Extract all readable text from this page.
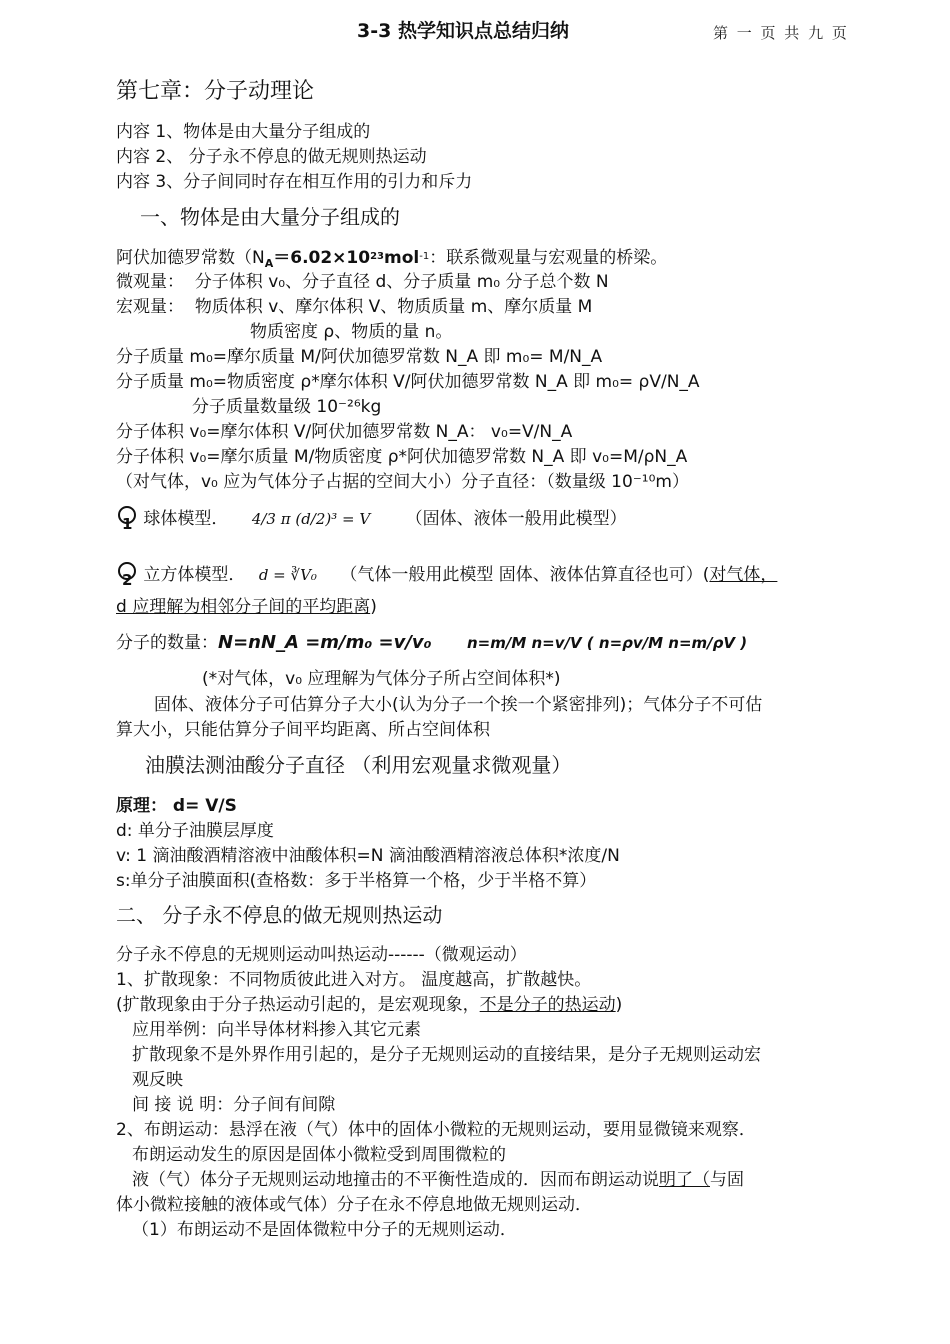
3-3 热学知识点总结归纳	第 一 页 共 九 页
第七章：分子动理论
内容 1、物体是由大量分子组成的
内容 2、 分子永不停息的做无规则热运动
内容 3、分子间同时存在相互作用的引力和斥力
一、物体是由大量分子组成的
阿伏加德罗常数（$N_A=6.02\times 10^{23}mol^{-1}$：联系微观量与宏观量的桥梁。
微观量： 分子体积 v₀、分子直径 d、分子质量 m₀ 分子总个数 N
宏观量： 物质体积 v、摩尔体积 V、物质质量 m、摩尔质量 M
物质密度 ρ、物质的量 n。
分子质量 m₀=摩尔质量 M/阿伏加德罗常数 N_A 即 m₀= M/N_A
分子质量 m₀=物质密度 ρ*摩尔体积 V/阿伏加德罗常数 N_A 即 m₀= ρV/N_A
分子质量数量级 10⁻²⁶kg
分子体积 v₀=摩尔体积 V/阿伏加德罗常数 N_A： v₀=V/N_A
分子体积 v₀=摩尔质量 M/物质密度 ρ*阿伏加德罗常数 N_A 即 v₀=M/ρN_A
（对气体，v₀ 应为气体分子占据的空间大小）分子直径：（数量级 10⁻¹⁰m）
1 球体模型． 4/3 π (d/2)³ = V （固体、液体一般用此模型）
2 立方体模型． d = ∛V₀ （气体一般用此模型 固体、液体估算直径也可）(对气体，
d 应理解为相邻分子间的平均距离)
分子的数量：N=nN_A =m/m₀ =v/v₀ n=m/M n=v/V ( n=ρv/M n=m/ρV )
(*对气体，v₀ 应理解为气体分子所占空间体积*)
固体、液体分子可估算分子大小(认为分子一个挨一个紧密排列)；气体分子不可估
算大小，只能估算分子间平均距离、所占空间体积
油膜法测油酸分子直径 （利用宏观量求微观量）
原理： d= V/S
d: 单分子油膜层厚度
v: 1 滴油酸酒精溶液中油酸体积=N 滴油酸酒精溶液总体积*浓度/N
s:单分子油膜面积(查格数：多于半格算一个格，少于半格不算）
二、 分子永不停息的做无规则热运动
分子永不停息的无规则运动叫热运动------（微观运动）
1、扩散现象：不同物质彼此进入对方。 温度越高，扩散越快。
(扩散现象由于分子热运动引起的，是宏观现象，不是分子的热运动)
应用举例：向半导体材料掺入其它元素
扩散现象不是外界作用引起的，是分子无规则运动的直接结果，是分子无规则运动宏
观反映
间 接 说 明：分子间有间隙
2、布朗运动：悬浮在液（气）体中的固体小微粒的无规则运动，要用显微镜来观察．
布朗运动发生的原因是固体小微粒受到周围微粒的
液（气）体分子无规则运动地撞击的不平衡性造成的．因而布朗运动说明了（与固
体小微粒接触的液体或气体）分子在永不停息地做无规则运动．
（1）布朗运动不是固体微粒中分子的无规则运动．
